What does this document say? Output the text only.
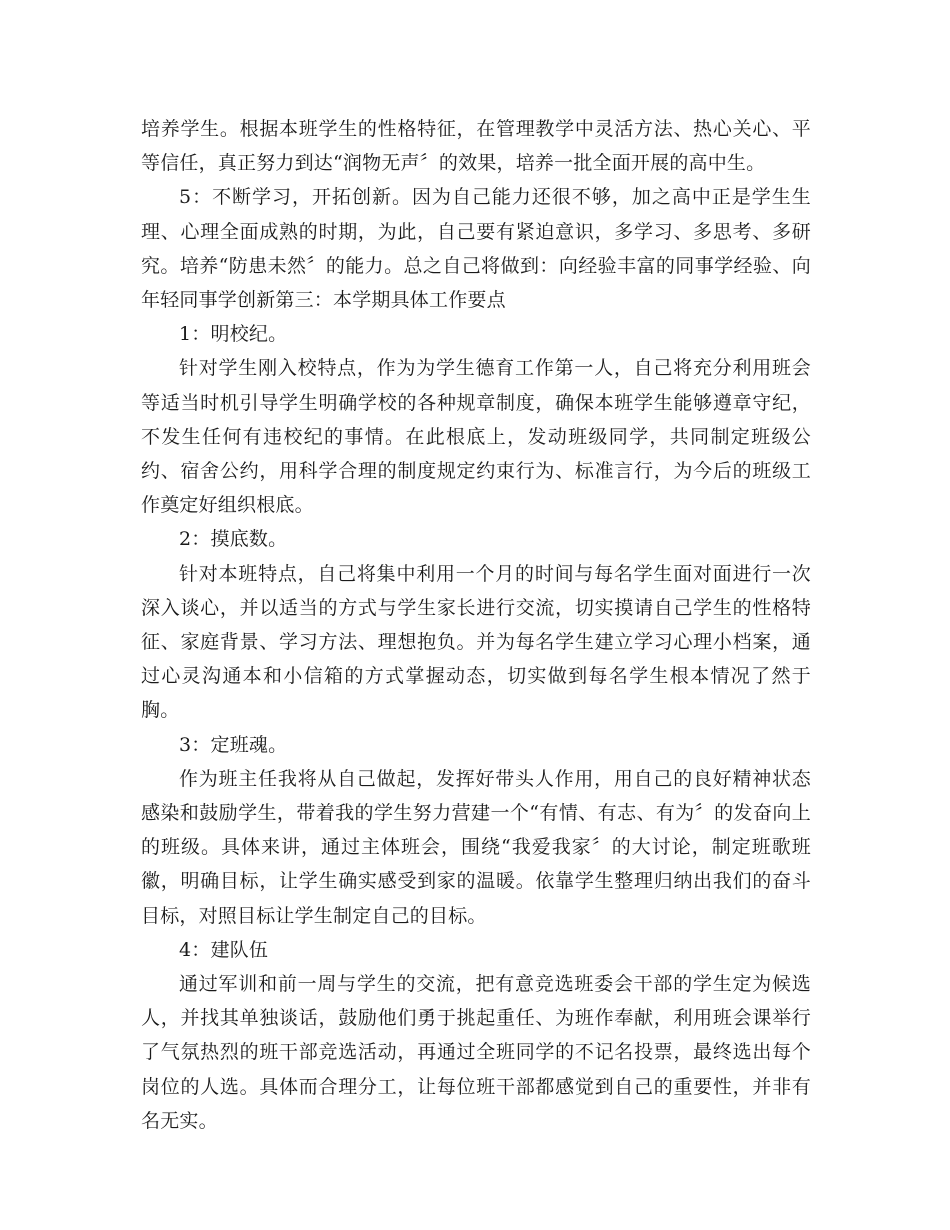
培养学生。根据本班学生的性格特征，在管理教学中灵活方法、热心关心、平等信任，真正努力到达“润物无声〞的效果，培养一批全面开展的高中生。

5：不断学习，开拓创新。因为自己能力还很不够，加之高中正是学生生理、心理全面成熟的时期，为此，自己要有紧迫意识，多学习、多思考、多研究。培养“防患未然〞的能力。总之自己将做到：向经验丰富的同事学经验、向年轻同事学创新第三：本学期具体工作要点

1：明校纪。

针对学生刚入校特点，作为为学生德育工作第一人，自己将充分利用班会等适当时机引导学生明确学校的各种规章制度，确保本班学生能够遵章守纪，不发生任何有违校纪的事情。在此根底上，发动班级同学，共同制定班级公约、宿舍公约，用科学合理的制度规定约束行为、标准言行，为今后的班级工作奠定好组织根底。

2：摸底数。

针对本班特点，自己将集中利用一个月的时间与每名学生面对面进行一次深入谈心，并以适当的方式与学生家长进行交流，切实摸请自己学生的性格特征、家庭背景、学习方法、理想抱负。并为每名学生建立学习心理小档案，通过心灵沟通本和小信箱的方式掌握动态，切实做到每名学生根本情况了然于胸。

3：定班魂。

作为班主任我将从自己做起，发挥好带头人作用，用自己的良好精神状态感染和鼓励学生，带着我的学生努力营建一个“有情、有志、有为〞的发奋向上的班级。具体来讲，通过主体班会，围绕“我爱我家〞的大讨论，制定班歌班徽，明确目标，让学生确实感受到家的温暖。依靠学生整理归纳出我们的奋斗目标，对照目标让学生制定自己的目标。

4：建队伍

通过军训和前一周与学生的交流，把有意竞选班委会干部的学生定为候选人，并找其单独谈话，鼓励他们勇于挑起重任、为班作奉献，利用班会课举行了气氛热烈的班干部竞选活动，再通过全班同学的不记名投票，最终选出每个岗位的人选。具体而合理分工，让每位班干部都感觉到自己的重要性，并非有名无实。
